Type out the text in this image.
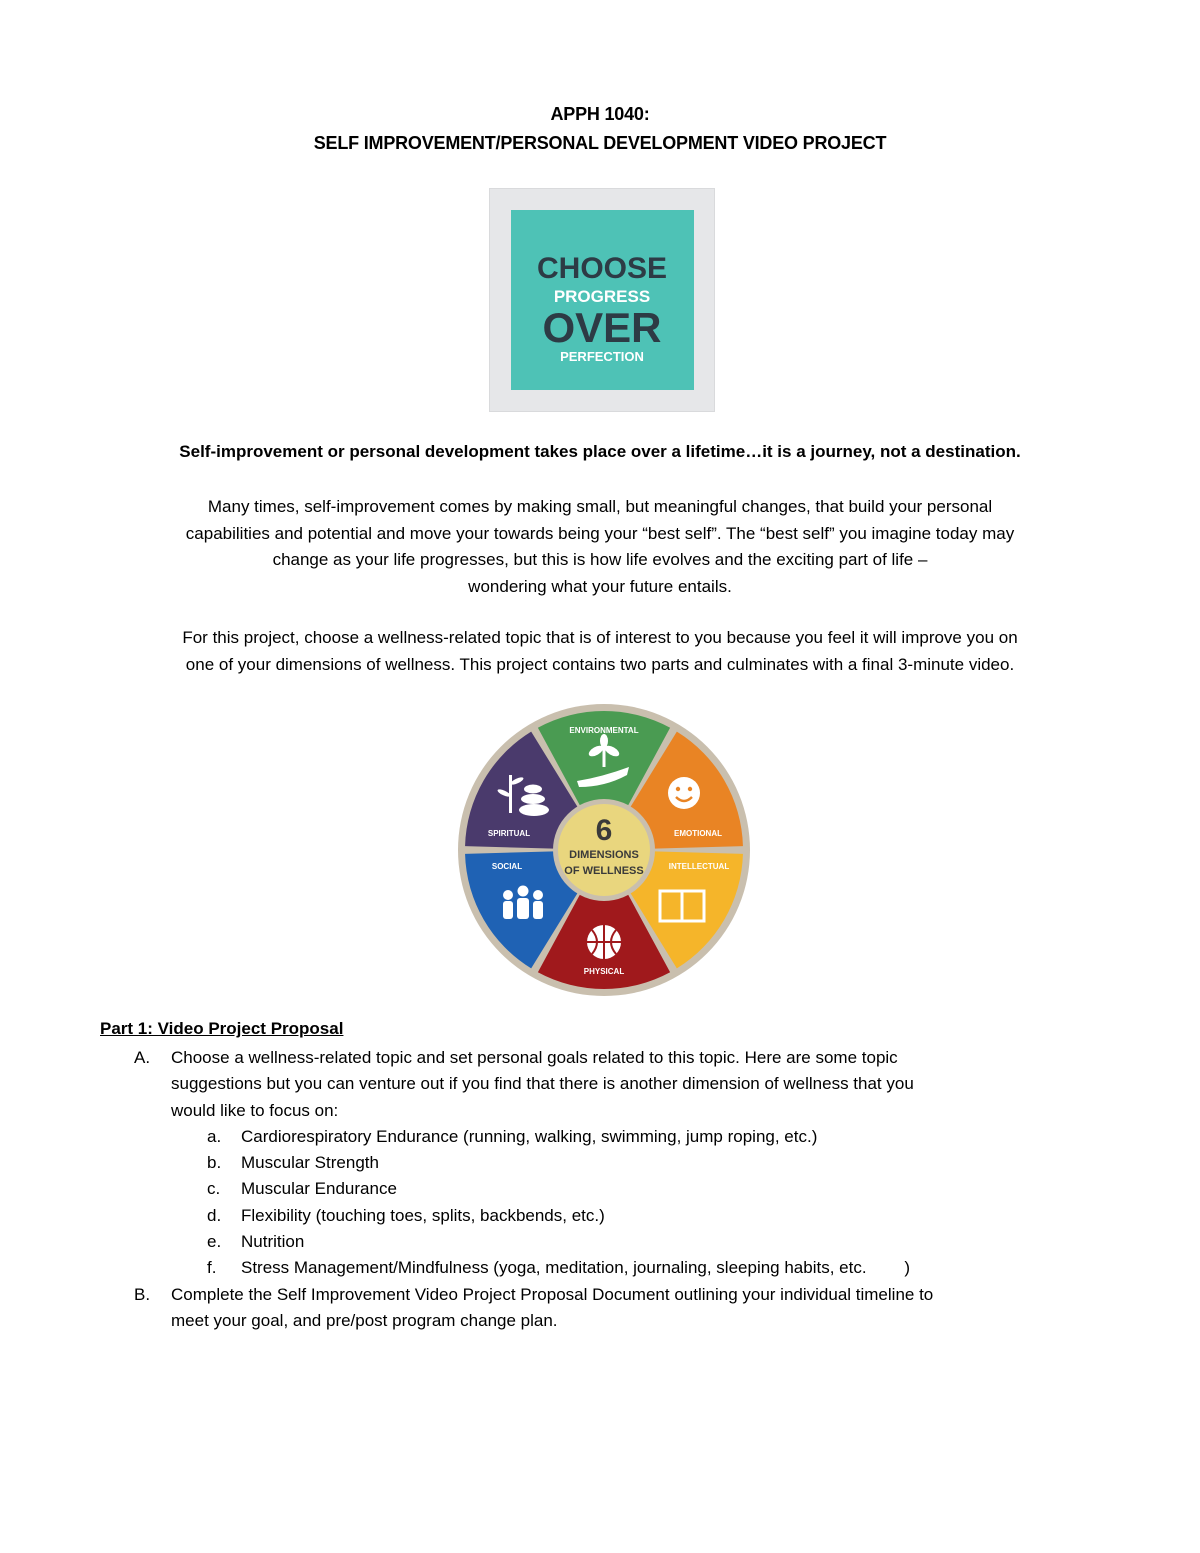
APPH 1040:
SELF IMPROVEMENT/PERSONAL DEVELOPMENT VIDEO PROJECT
CHOOSE
PROGRESS
OVER
PERFECTION
Self-improvement or personal development takes place over a lifetime…it is a journey, not a destination.
Many times, self-improvement comes by making small, but meaningful changes, that build your personal
capabilities and potential and move your towards being your “best self”. The “best self” you imagine today may
change as your life progresses, but this is how life evolves and the exciting part of life –
wondering what your future entails.
For this project, choose a wellness-related topic that is of interest to you because you feel it will improve you on
one of your dimensions of wellness. This project contains two parts and culminates with a final 3-minute video.
ENVIRONMENTAL
EMOTIONAL
INTELLECTUAL
PHYSICAL
SOCIAL
SPIRITUAL 6
DIMENSIONS
OF WELLNESS
Part 1: Video Project Proposal
A. Choose a wellness-related topic and set personal goals related to this topic. Here are some topic
suggestions but you can venture out if you find that there is another dimension of wellness that you
would like to focus on:
a. Cardiorespiratory Endurance (running, walking, swimming, jump roping, etc.)
b. Muscular Strength
c. Muscular Endurance
d. Flexibility (touching toes, splits, backbends, etc.)
e. Nutrition
f. Stress Management/Mindfulness (yoga, meditation, journaling, sleeping habits, etc.        )
B. Complete the Self Improvement Video Project Proposal Document outlining your individual timeline to
meet your goal, and pre/post program change plan.
